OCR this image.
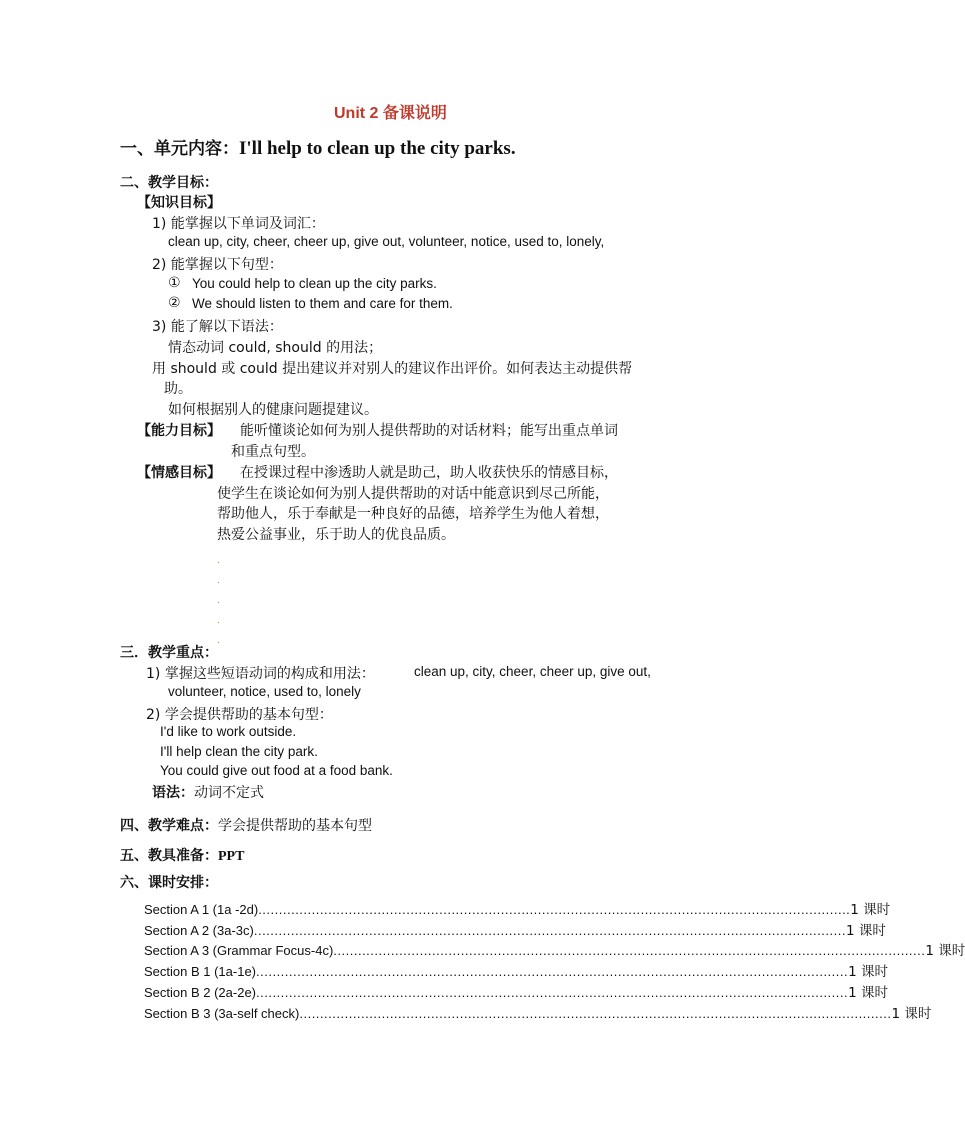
Unit 2 备课说明
一、单元内容：I'll help to clean up the city parks.
二、教学目标：
【知识目标】
1) 能掌握以下单词及词汇：
clean up, city, cheer, cheer up, give out, volunteer, notice, used to, lonely,
2) 能掌握以下句型：
① You could help to clean up the city parks.
② We should listen to them and care for them.
3) 能了解以下语法：
情态动词 could, should 的用法；
用 should 或 could 提出建议并对别人的建议作出评价。如何表达主动提供帮
助。
如何根据别人的健康问题提建议。
【能力目标】 能听懂谈论如何为别人提供帮助的对话材料；能写出重点单词
和重点句型。
【情感目标】 在授课过程中渗透助人就是助己，助人收获快乐的情感目标，
使学生在谈论如何为别人提供帮助的对话中能意识到尽己所能，
帮助他人，乐于奉献是一种良好的品德，培养学生为他人着想，
热爱公益事业，乐于助人的优良品质。
.
.
.
.
.
三．教学重点：
1) 掌握这些短语动词的构成和用法：	clean up, city, cheer, cheer up, give out,
volunteer, notice, used to, lonely
2) 学会提供帮助的基本句型：
I'd like to work outside.
I'll help clean the city park.
You could give out food at a food bank.
语法：动词不定式
四、教学难点：学会提供帮助的基本句型
五、教具准备：PPT
六、课时安排：
Section A 1 (1a -2d) ................................................................................................................................................ 1 课时
Section A 2 (3a-3c) ................................................................................................................................................ 1 课时
Section A 3 (Grammar Focus-4c) ................................................................................................................................................ 1 课时
Section B 1 (1a-1e) ................................................................................................................................................ 1 课时
Section B 2 (2a-2e) ................................................................................................................................................ 1 课时
Section B 3 (3a-self check) ................................................................................................................................................ 1 课时
